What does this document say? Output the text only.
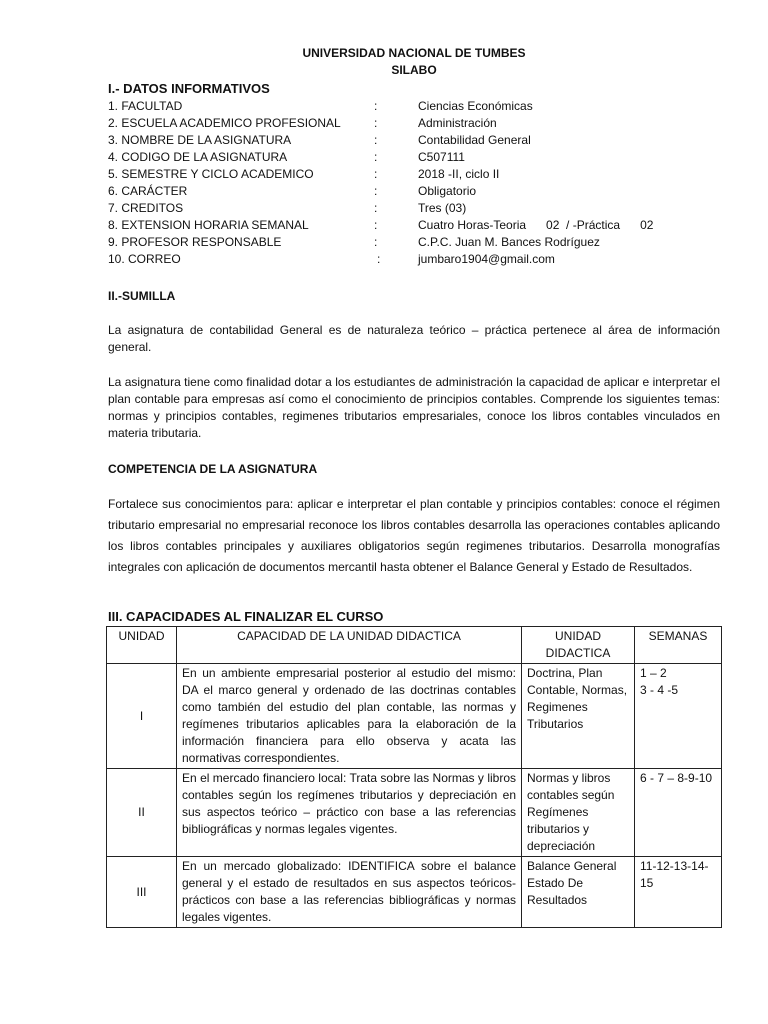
UNIVERSIDAD NACIONAL DE TUMBES
SILABO
I.- DATOS INFORMATIVOS
1. FACULTAD	:	Ciencias Económicas
2. ESCUELA ACADEMICO PROFESIONAL	:	Administración
3. NOMBRE DE LA ASIGNATURA	:	Contabilidad General
4. CODIGO DE LA ASIGNATURA	:	C507111
5. SEMESTRE Y CICLO ACADEMICO	:	2018 -II, ciclo II
6. CARÁCTER	:	Obligatorio
7. CREDITOS	:	Tres (03)
8. EXTENSION HORARIA SEMANAL	:	Cuatro Horas-Teoria      02  / -Práctica      02
9. PROFESOR RESPONSABLE	:	C.P.C. Juan M. Bances Rodríguez
10. CORREO	:	jumbaro1904@gmail.com
II.-SUMILLA
La asignatura de contabilidad General es de naturaleza teórico – práctica pertenece al área de información general.
La asignatura tiene como finalidad dotar a los estudiantes de administración la capacidad de aplicar e interpretar el plan contable para empresas así como el conocimiento de principios contables. Comprende los siguientes temas: normas y principios contables, regimenes tributarios empresariales, conoce los libros contables vinculados en materia tributaria.
COMPETENCIA DE LA ASIGNATURA
Fortalece sus conocimientos para: aplicar e interpretar el plan contable y principios contables: conoce el régimen tributario empresarial no empresarial reconoce los libros contables desarrolla las operaciones contables aplicando los libros contables principales y auxiliares obligatorios según regimenes tributarios. Desarrolla monografías integrales con aplicación de documentos mercantil hasta obtener el Balance General y Estado de Resultados.
III. CAPACIDADES AL FINALIZAR EL CURSO
UNIDAD	CAPACIDAD DE LA UNIDAD DIDACTICA	UNIDAD DIDACTICA	SEMANAS
I	En un ambiente empresarial posterior al estudio del mismo: DA el marco general y ordenado de las doctrinas contables como también del estudio del plan contable, las normas y regímenes tributarios aplicables para la elaboración de la información financiera para ello observa y acata las normativas correspondientes.	Doctrina, Plan Contable, Normas, Regimenes Tributarios	1 – 2
3 - 4 -5

II	En el mercado financiero local: Trata sobre las Normas y libros contables según los regímenes tributarios y depreciación en sus aspectos teórico – práctico con base a las referencias bibliográficas y normas legales vigentes.	Normas y libros contables según Regímenes tributarios y depreciación	6 - 7 – 8-9-10

III	En un mercado globalizado: IDENTIFICA sobre el balance general y el estado de resultados en sus aspectos teóricos-prácticos con base a las referencias bibliográficas y normas legales vigentes.	Balance General Estado De Resultados	11-12-13-14-15
